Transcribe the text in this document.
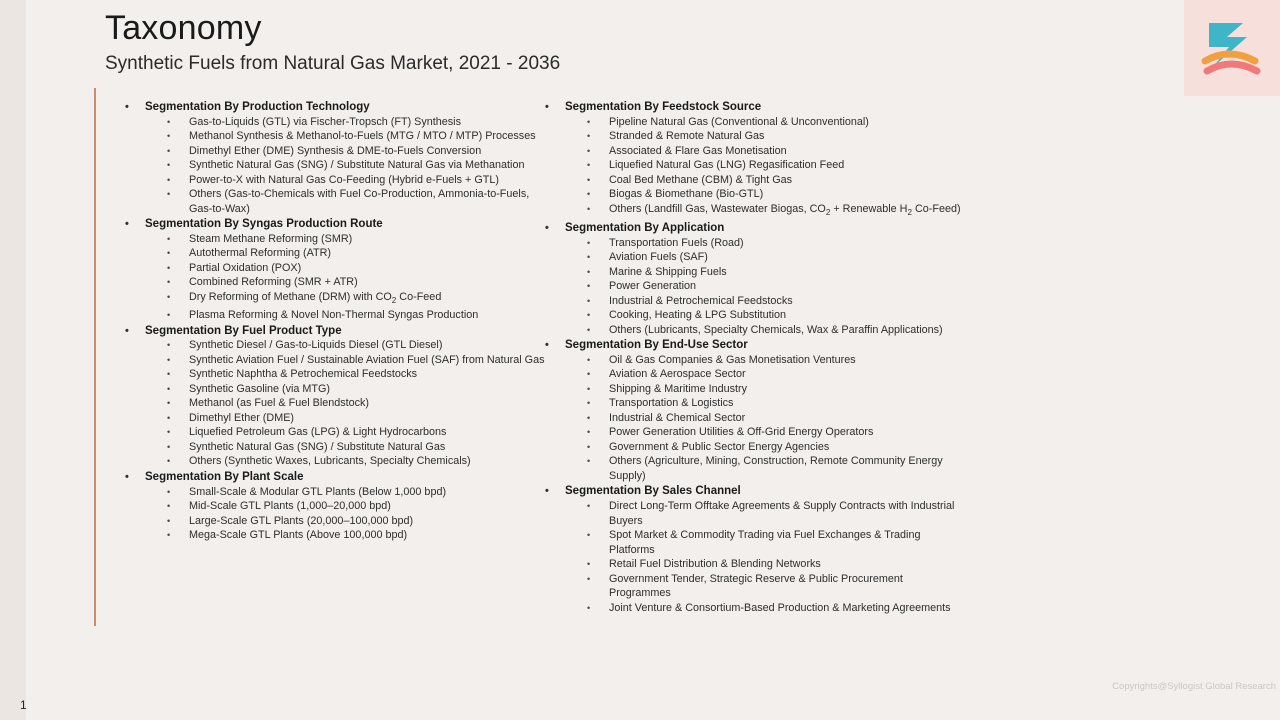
Taxonomy
Synthetic Fuels from Natural Gas Market, 2021 - 2036
•	Segmentation By Production Technology
•	Gas-to-Liquids (GTL) via Fischer-Tropsch (FT) Synthesis
•	Methanol Synthesis & Methanol-to-Fuels (MTG / MTO / MTP) Processes
•	Dimethyl Ether (DME) Synthesis & DME-to-Fuels Conversion
•	Synthetic Natural Gas (SNG) / Substitute Natural Gas via Methanation
•	Power-to-X with Natural Gas Co-Feeding (Hybrid e-Fuels + GTL)
•	Others (Gas-to-Chemicals with Fuel Co-Production, Ammonia-to-Fuels, Gas-to-Wax)
•	Segmentation By Syngas Production Route
•	Steam Methane Reforming (SMR)
•	Autothermal Reforming (ATR)
•	Partial Oxidation (POX)
•	Combined Reforming (SMR + ATR)
•	Dry Reforming of Methane (DRM) with $CO_2$ Co-Feed
•	Plasma Reforming & Novel Non-Thermal Syngas Production
•	Segmentation By Fuel Product Type
•	Synthetic Diesel / Gas-to-Liquids Diesel (GTL Diesel)
•	Synthetic Aviation Fuel / Sustainable Aviation Fuel (SAF) from Natural Gas
•	Synthetic Naphtha & Petrochemical Feedstocks
•	Synthetic Gasoline (via MTG)
•	Methanol (as Fuel & Fuel Blendstock)
•	Dimethyl Ether (DME)
•	Liquefied Petroleum Gas (LPG) & Light Hydrocarbons
•	Synthetic Natural Gas (SNG) / Substitute Natural Gas
•	Others (Synthetic Waxes, Lubricants, Specialty Chemicals)
•	Segmentation By Plant Scale
•	Small-Scale & Modular GTL Plants (Below 1,000 bpd)
•	Mid-Scale GTL Plants (1,000–20,000 bpd)
•	Large-Scale GTL Plants (20,000–100,000 bpd)
•	Mega-Scale GTL Plants (Above 100,000 bpd)
•	Segmentation By Feedstock Source
•	Pipeline Natural Gas (Conventional & Unconventional)
•	Stranded & Remote Natural Gas
•	Associated & Flare Gas Monetisation
•	Liquefied Natural Gas (LNG) Regasification Feed
•	Coal Bed Methane (CBM) & Tight Gas
•	Biogas & Biomethane (Bio-GTL)
•	Others (Landfill Gas, Wastewater Biogas, $CO_2$ + Renewable $H_2$ Co-Feed)
•	Segmentation By Application
•	Transportation Fuels (Road)
•	Aviation Fuels (SAF)
•	Marine & Shipping Fuels
•	Power Generation
•	Industrial & Petrochemical Feedstocks
•	Cooking, Heating & LPG Substitution
•	Others (Lubricants, Specialty Chemicals, Wax & Paraffin Applications)
•	Segmentation By End-Use Sector
•	Oil & Gas Companies & Gas Monetisation Ventures
•	Aviation & Aerospace Sector
•	Shipping & Maritime Industry
•	Transportation & Logistics
•	Industrial & Chemical Sector
•	Power Generation Utilities & Off-Grid Energy Operators
•	Government & Public Sector Energy Agencies
•	Others (Agriculture, Mining, Construction, Remote Community Energy Supply)
•	Segmentation By Sales Channel
•	Direct Long-Term Offtake Agreements & Supply Contracts with Industrial Buyers
•	Spot Market & Commodity Trading via Fuel Exchanges & Trading Platforms
•	Retail Fuel Distribution & Blending Networks
•	Government Tender, Strategic Reserve & Public Procurement Programmes
•	Joint Venture & Consortium-Based Production & Marketing Agreements
1
Copyrights@Syllogist Global Research
